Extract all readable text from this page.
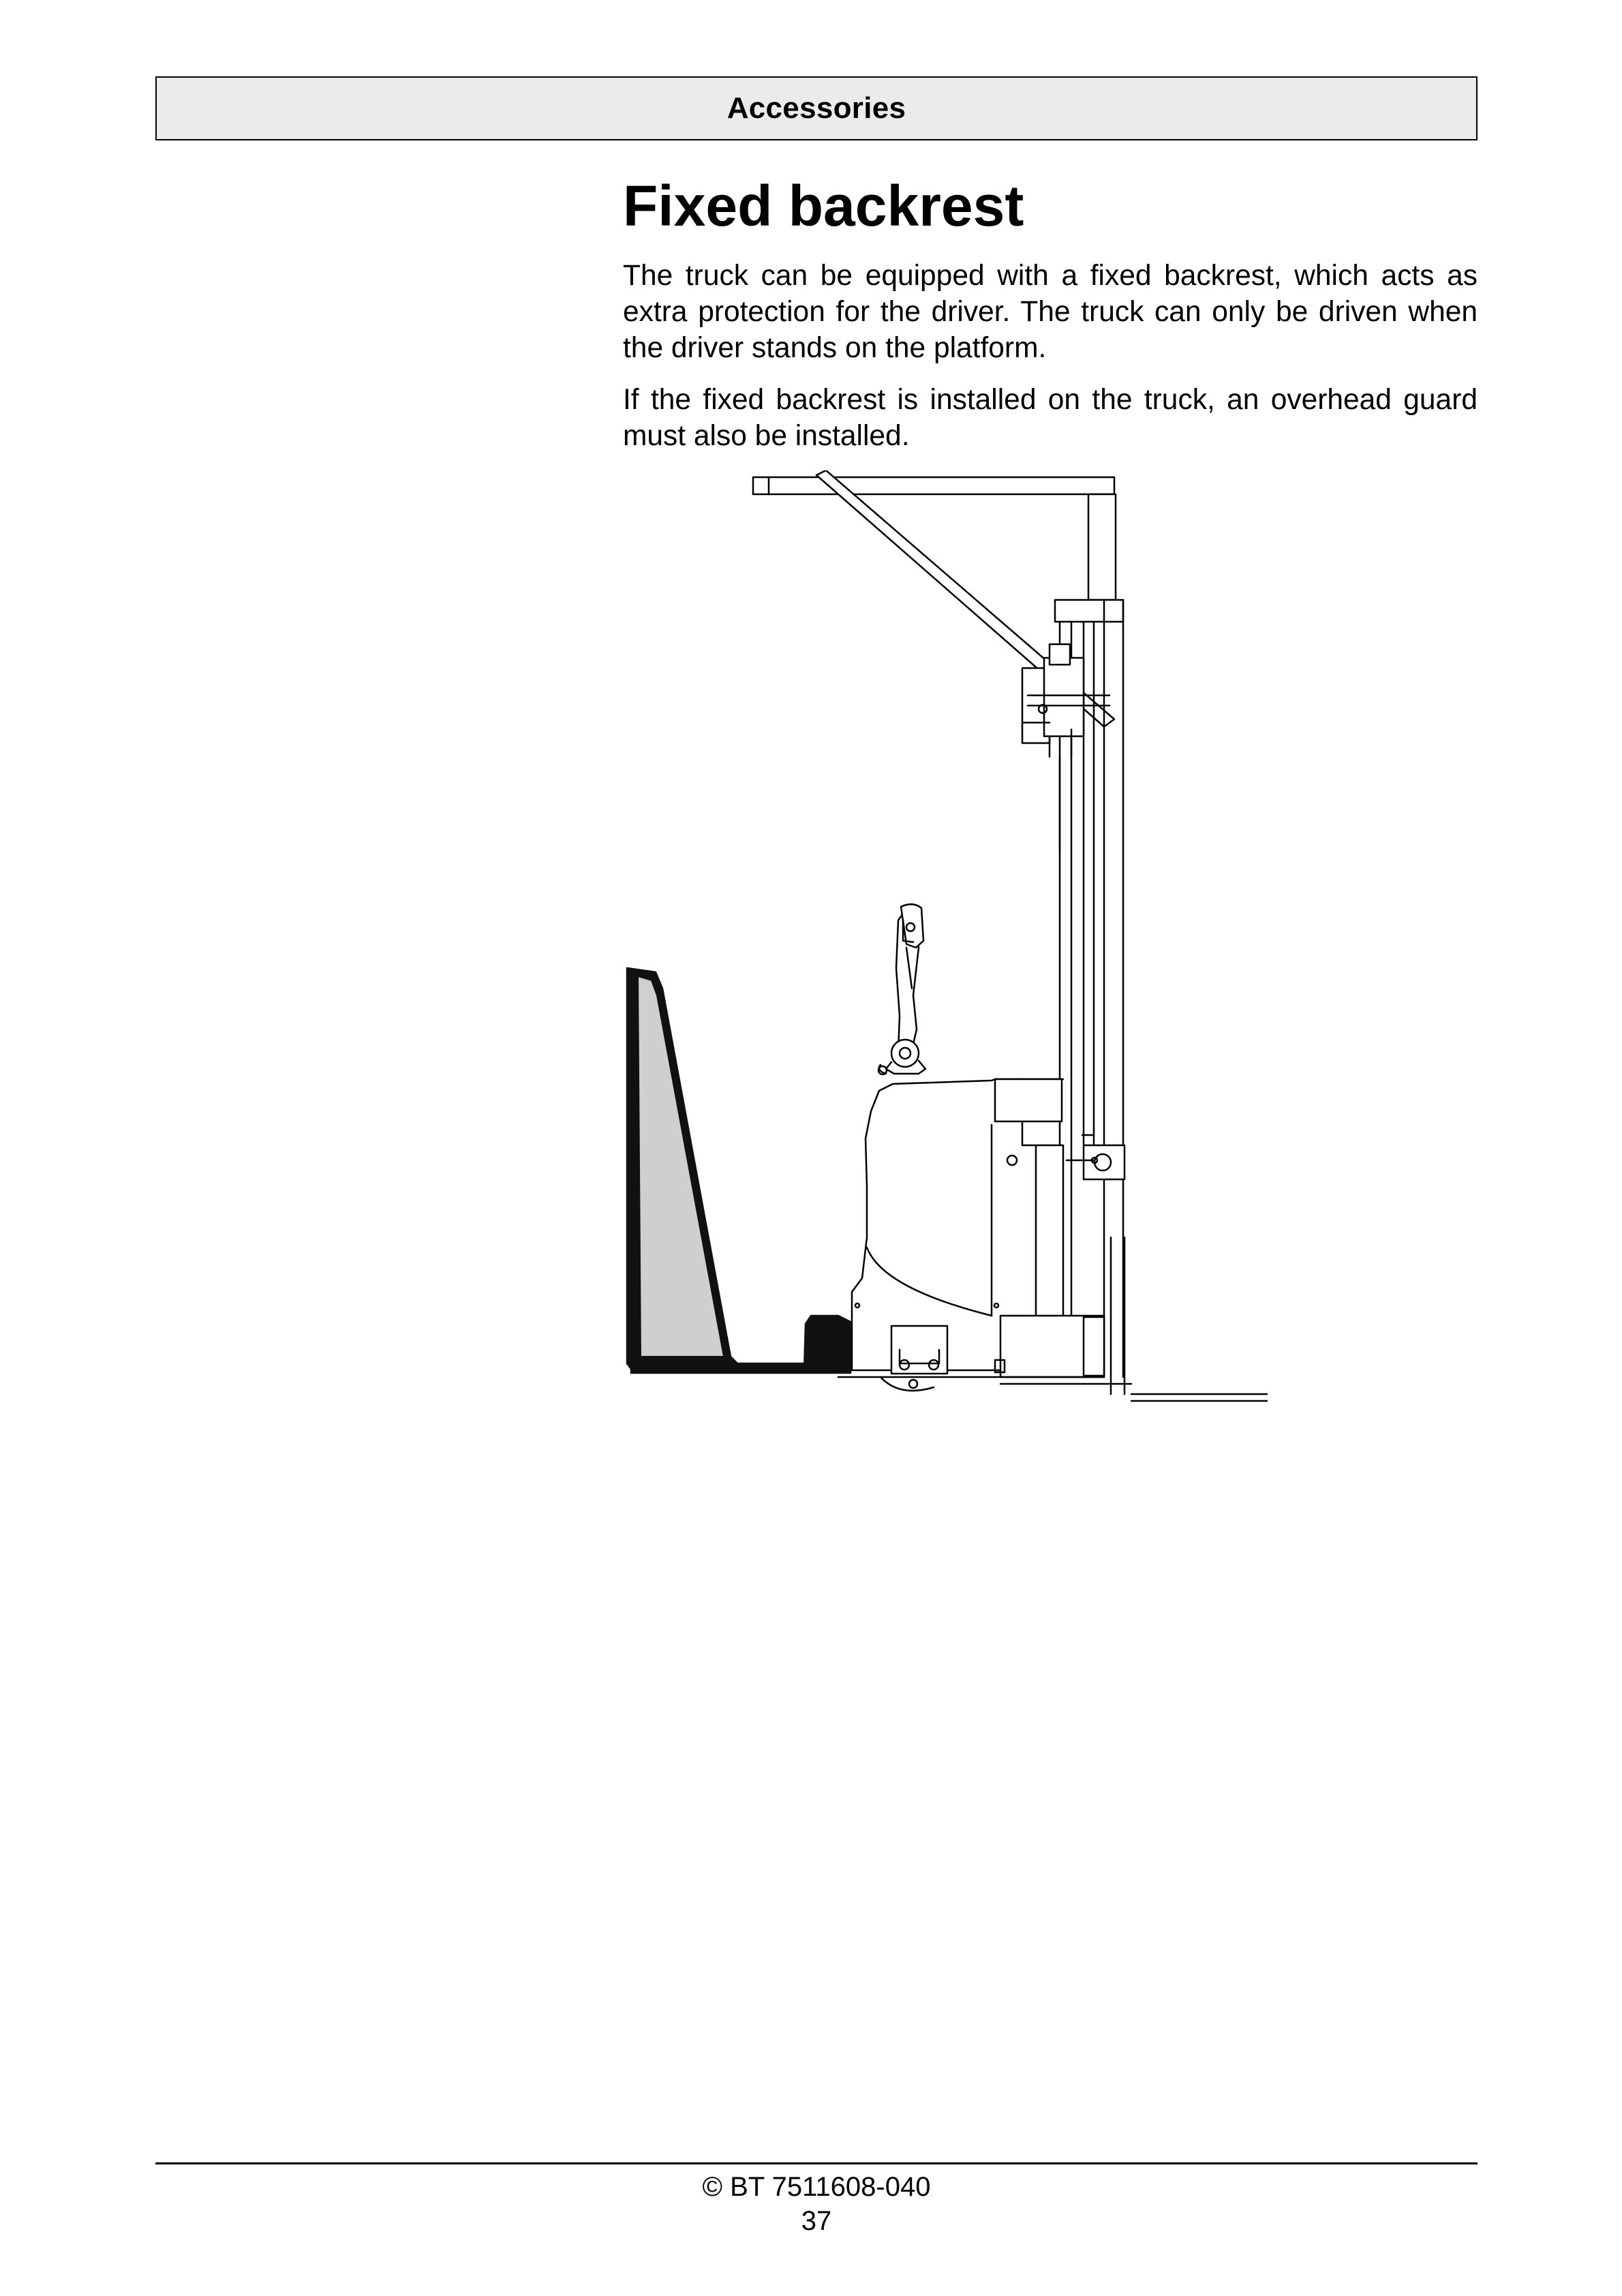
Accessories
Fixed backrest

The truck can be equipped with a fixed backrest, which acts as extra protection for the driver. The truck can only be driven when the driver stands on the platform.

If the fixed backrest is installed on the truck, an overhead guard must also be installed.

© BT 7511608-040
37
